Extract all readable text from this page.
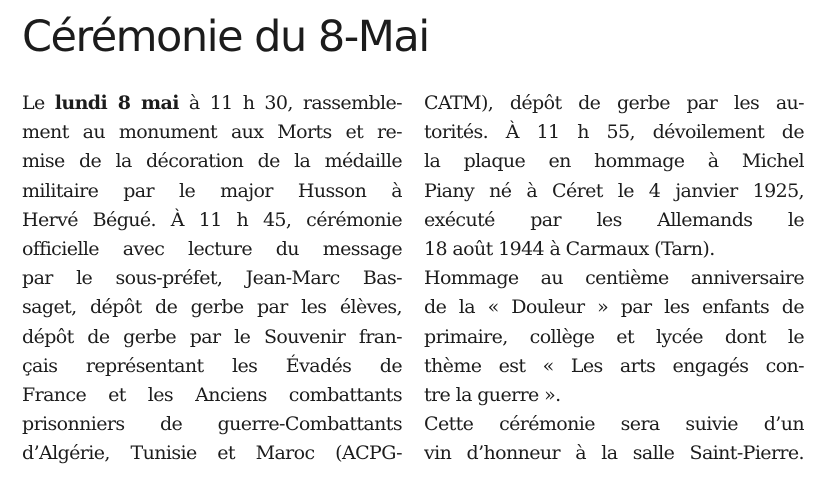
Cérémonie du 8-Mai
Le lundi 8 mai à 11 h 30, rassemble-
ment au monument aux Morts et re-
mise de la décoration de la médaille
militaire par le major Husson à
Hervé Bégué. À 11 h 45, cérémonie
officielle avec lecture du message
par le sous-préfet, Jean-Marc Bas-
saget, dépôt de gerbe par les élèves,
dépôt de gerbe par le Souvenir fran-
çais représentant les Évadés de
France et les Anciens combattants
prisonniers de guerre-Combattants
d’Algérie, Tunisie et Maroc (ACPG-
CATM), dépôt de gerbe par les au-
torités. À 11 h 55, dévoilement de
la plaque en hommage à Michel
Piany né à Céret le 4 janvier 1925,
exécuté par les Allemands le
18 août 1944 à Carmaux (Tarn).
Hommage au centième anniversaire
de la « Douleur » par les enfants de
primaire, collège et lycée dont le
thème est « Les arts engagés con-
tre la guerre ».
Cette cérémonie sera suivie d’un
vin d’honneur à la salle Saint-Pierre.
